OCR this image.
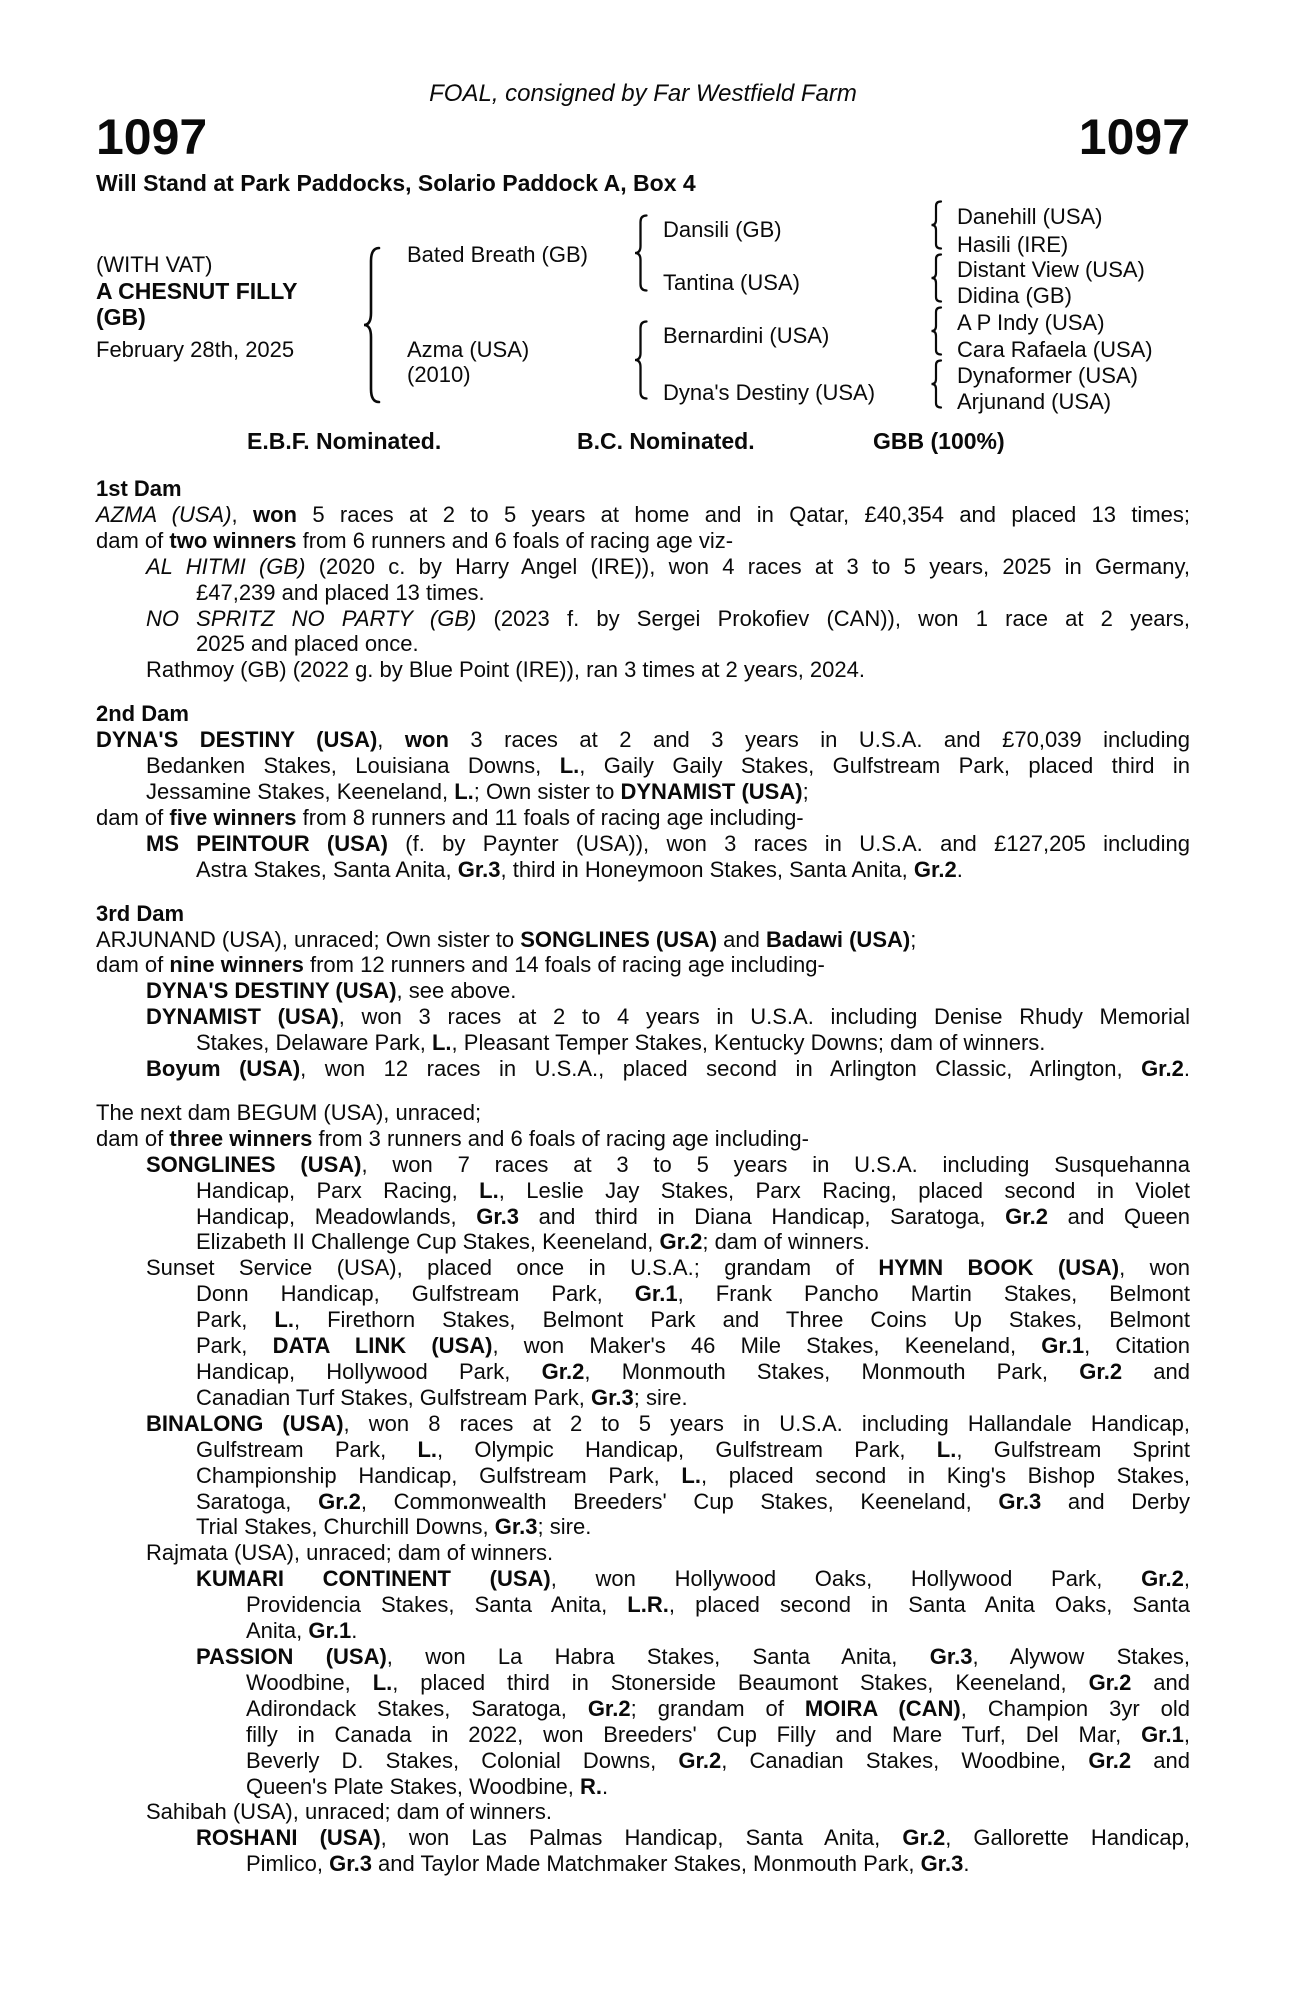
FOAL, consigned by Far Westfield Farm
1097	1097
Will Stand at Park Paddocks, Solario Paddock A, Box 4
(WITH VAT)
A CHESNUT FILLY
(GB)
February 28th, 2025
Bated Breath (GB)
Azma (USA)
(2010)
Dansili (GB)
Tantina (USA)
Bernardini (USA)
Dyna's Destiny (USA)
Danehill (USA)
Hasili (IRE)
Distant View (USA)
Didina (GB)
A P Indy (USA)
Cara Rafaela (USA)
Dynaformer (USA)
Arjunand (USA)
E.B.F. Nominated.	B.C. Nominated.	GBB (100%)
1st Dam
AZMA (USA), won 5 races at 2 to 5 years at home and in Qatar, £40,354 and placed 13 times;
dam of two winners from 6 runners and 6 foals of racing age viz-
AL HITMI (GB) (2020 c. by Harry Angel (IRE)), won 4 races at 3 to 5 years, 2025 in Germany,
£47,239 and placed 13 times.
NO SPRITZ NO PARTY (GB) (2023 f. by Sergei Prokofiev (CAN)), won 1 race at 2 years,
2025 and placed once.
Rathmoy (GB) (2022 g. by Blue Point (IRE)), ran 3 times at 2 years, 2024.
2nd Dam
DYNA'S DESTINY (USA), won 3 races at 2 and 3 years in U.S.A. and £70,039 including
Bedanken Stakes, Louisiana Downs, L., Gaily Gaily Stakes, Gulfstream Park, placed third in
Jessamine Stakes, Keeneland, L.; Own sister to DYNAMIST (USA);
dam of five winners from 8 runners and 11 foals of racing age including-
MS PEINTOUR (USA) (f. by Paynter (USA)), won 3 races in U.S.A. and £127,205 including
Astra Stakes, Santa Anita, Gr.3, third in Honeymoon Stakes, Santa Anita, Gr.2.
3rd Dam
ARJUNAND (USA), unraced; Own sister to SONGLINES (USA) and Badawi (USA);
dam of nine winners from 12 runners and 14 foals of racing age including-
DYNA'S DESTINY (USA), see above.
DYNAMIST (USA), won 3 races at 2 to 4 years in U.S.A. including Denise Rhudy Memorial
Stakes, Delaware Park, L., Pleasant Temper Stakes, Kentucky Downs; dam of winners.
Boyum (USA), won 12 races in U.S.A., placed second in Arlington Classic, Arlington, Gr.2.
The next dam BEGUM (USA), unraced;
dam of three winners from 3 runners and 6 foals of racing age including-
SONGLINES (USA), won 7 races at 3 to 5 years in U.S.A. including Susquehanna
Handicap, Parx Racing, L., Leslie Jay Stakes, Parx Racing, placed second in Violet
Handicap, Meadowlands, Gr.3 and third in Diana Handicap, Saratoga, Gr.2 and Queen
Elizabeth II Challenge Cup Stakes, Keeneland, Gr.2; dam of winners.
Sunset Service (USA), placed once in U.S.A.; grandam of HYMN BOOK (USA), won
Donn Handicap, Gulfstream Park, Gr.1, Frank Pancho Martin Stakes, Belmont
Park, L., Firethorn Stakes, Belmont Park and Three Coins Up Stakes, Belmont
Park, DATA LINK (USA), won Maker's 46 Mile Stakes, Keeneland, Gr.1, Citation
Handicap, Hollywood Park, Gr.2, Monmouth Stakes, Monmouth Park, Gr.2 and
Canadian Turf Stakes, Gulfstream Park, Gr.3; sire.
BINALONG (USA), won 8 races at 2 to 5 years in U.S.A. including Hallandale Handicap,
Gulfstream Park, L., Olympic Handicap, Gulfstream Park, L., Gulfstream Sprint
Championship Handicap, Gulfstream Park, L., placed second in King's Bishop Stakes,
Saratoga, Gr.2, Commonwealth Breeders' Cup Stakes, Keeneland, Gr.3 and Derby
Trial Stakes, Churchill Downs, Gr.3; sire.
Rajmata (USA), unraced; dam of winners.
KUMARI CONTINENT (USA), won Hollywood Oaks, Hollywood Park, Gr.2,
Providencia Stakes, Santa Anita, L.R., placed second in Santa Anita Oaks, Santa
Anita, Gr.1.
PASSION (USA), won La Habra Stakes, Santa Anita, Gr.3, Alywow Stakes,
Woodbine, L., placed third in Stonerside Beaumont Stakes, Keeneland, Gr.2 and
Adirondack Stakes, Saratoga, Gr.2; grandam of MOIRA (CAN), Champion 3yr old
filly in Canada in 2022, won Breeders' Cup Filly and Mare Turf, Del Mar, Gr.1,
Beverly D. Stakes, Colonial Downs, Gr.2, Canadian Stakes, Woodbine, Gr.2 and
Queen's Plate Stakes, Woodbine, R..
Sahibah (USA), unraced; dam of winners.
ROSHANI (USA), won Las Palmas Handicap, Santa Anita, Gr.2, Gallorette Handicap,
Pimlico, Gr.3 and Taylor Made Matchmaker Stakes, Monmouth Park, Gr.3.
